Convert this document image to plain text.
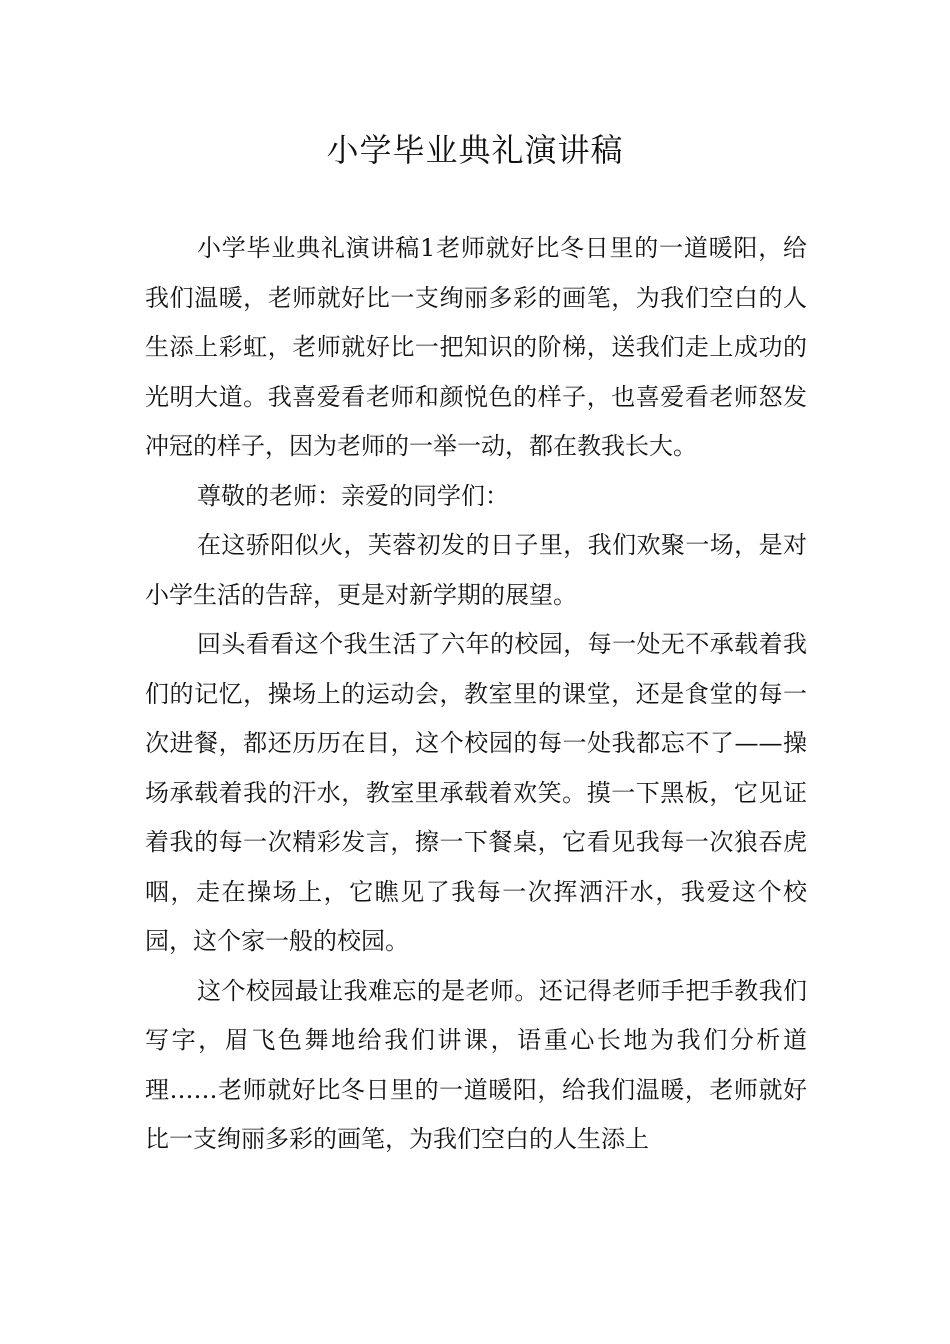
小学毕业典礼演讲稿

小学毕业典礼演讲稿1老师就好比冬日里的一道暖阳，给我们温暖，老师就好比一支绚丽多彩的画笔，为我们空白的人生添上彩虹，老师就好比一把知识的阶梯，送我们走上成功的光明大道。我喜爱看老师和颜悦色的样子，也喜爱看老师怒发冲冠的样子，因为老师的一举一动，都在教我长大。

尊敬的老师：亲爱的同学们：

在这骄阳似火，芙蓉初发的日子里，我们欢聚一场，是对小学生活的告辞，更是对新学期的展望。

回头看看这个我生活了六年的校园，每一处无不承载着我们的记忆，操场上的运动会，教室里的课堂，还是食堂的每一次进餐，都还历历在目，这个校园的每一处我都忘不了——操场承载着我的汗水，教室里承载着欢笑。摸一下黑板，它见证着我的每一次精彩发言，擦一下餐桌，它看见我每一次狼吞虎咽，走在操场上，它瞧见了我每一次挥洒汗水，我爱这个校园，这个家一般的校园。

这个校园最让我难忘的是老师。还记得老师手把手教我们写字，眉飞色舞地给我们讲课，语重心长地为我们分析道理……老师就好比冬日里的一道暖阳，给我们温暖，老师就好比一支绚丽多彩的画笔，为我们空白的人生添上
